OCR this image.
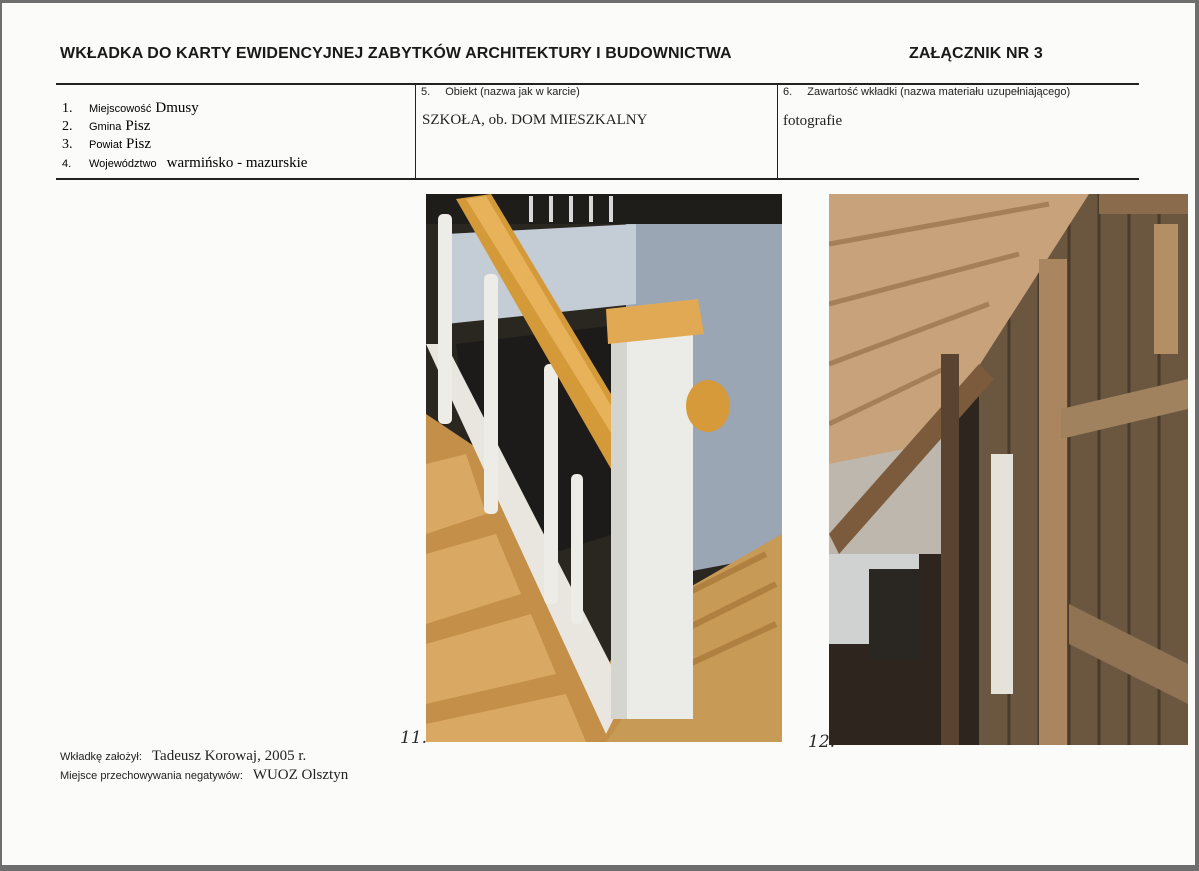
WKŁADKA DO KARTY EWIDENCYJNEJ ZABYTKÓW ARCHITEKTURY I BUDOWNICTWA	ZAŁĄCZNIK NR 3
1. Miejscowość Dmusy
2. Gmina Pisz
3. Powiat Pisz
4. Województwo warmińsko - mazurskie
5. Obiekt (nazwa jak w karcie)
SZKOŁA, ob. DOM MIESZKALNY
6. Zawartość wkładki (nazwa materiału uzupełniającego)
fotografie
11.	12.
Wkładkę założył: Tadeusz Korowaj, 2005 r.
Miejsce przechowywania negatywów: WUOZ Olsztyn
